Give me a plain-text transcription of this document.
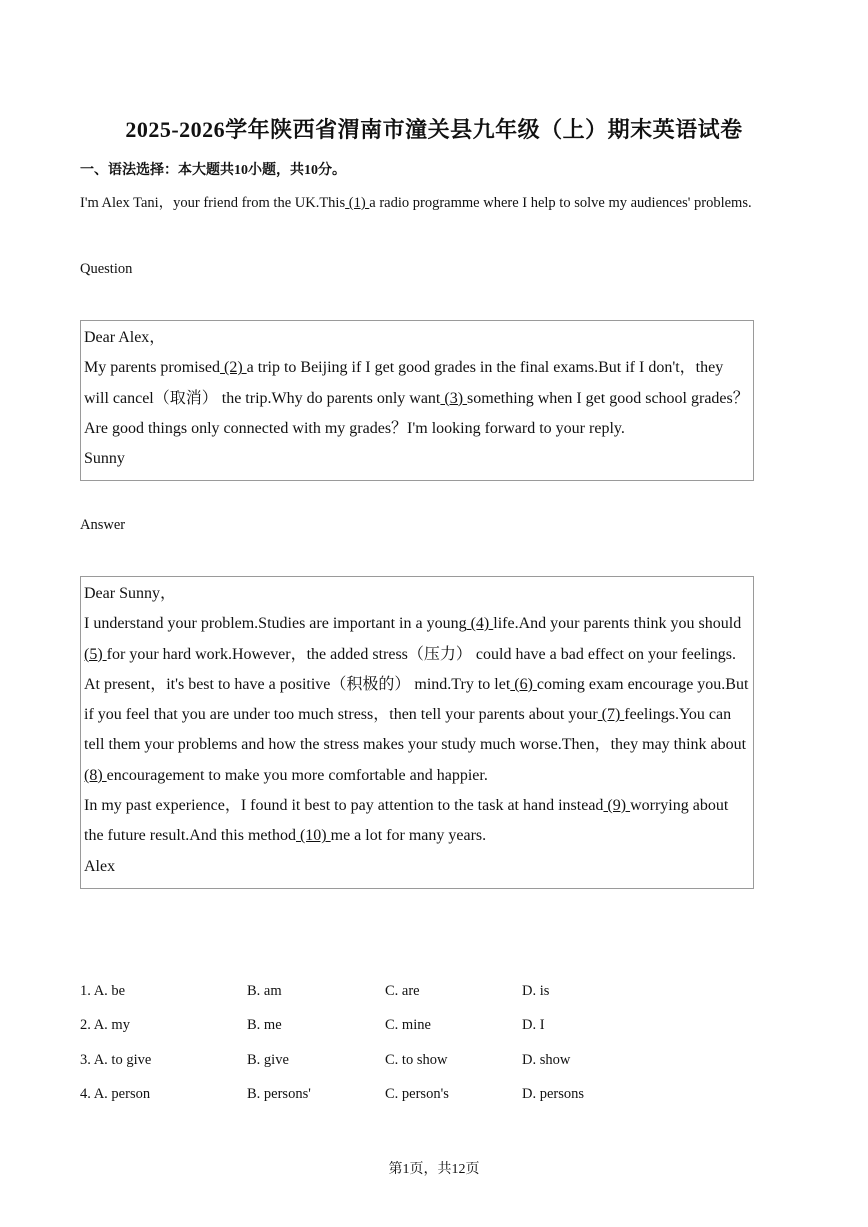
2025-2026学年陕西省渭南市潼关县九年级（上）期末英语试卷
一、语法选择：本大题共10小题，共10分。
I'm Alex Tani，your friend from the UK.This (1) a radio programme where I help to solve my audiences' problems.
Question

Dear Alex，

My parents promised (2) a trip to Beijing if I get good grades in the final exams.But if I don't，they will cancel（取消） the trip.Why do parents only want (3) something when I get good school grades？Are good things only connected with my grades？I'm looking forward to your reply.

Sunny

Answer

Dear Sunny，

I understand your problem.Studies are important in a young (4) life.And your parents think you should (5) for your hard work.However，the added stress（压力） could have a bad effect on your feelings.

At present，it's best to have a positive（积极的） mind.Try to let (6) coming exam encourage you.But if you feel that you are under too much stress，then tell your parents about your (7) feelings.You can tell them your problems and how the stress makes your study much worse.Then，they may think about (8) encouragement to make you more comfortable and happier.

In my past experience，I found it best to pay attention to the task at hand instead (9) worrying about the future result.And this method (10) me a lot for many years.

Alex

1. A. be	B. am	C. are	D. is
2. A. my	B. me	C. mine	D. I
3. A. to give	B. give	C. to show	D. show
4. A. person	B. persons'	C. person's	D. persons
第1页，共12页
